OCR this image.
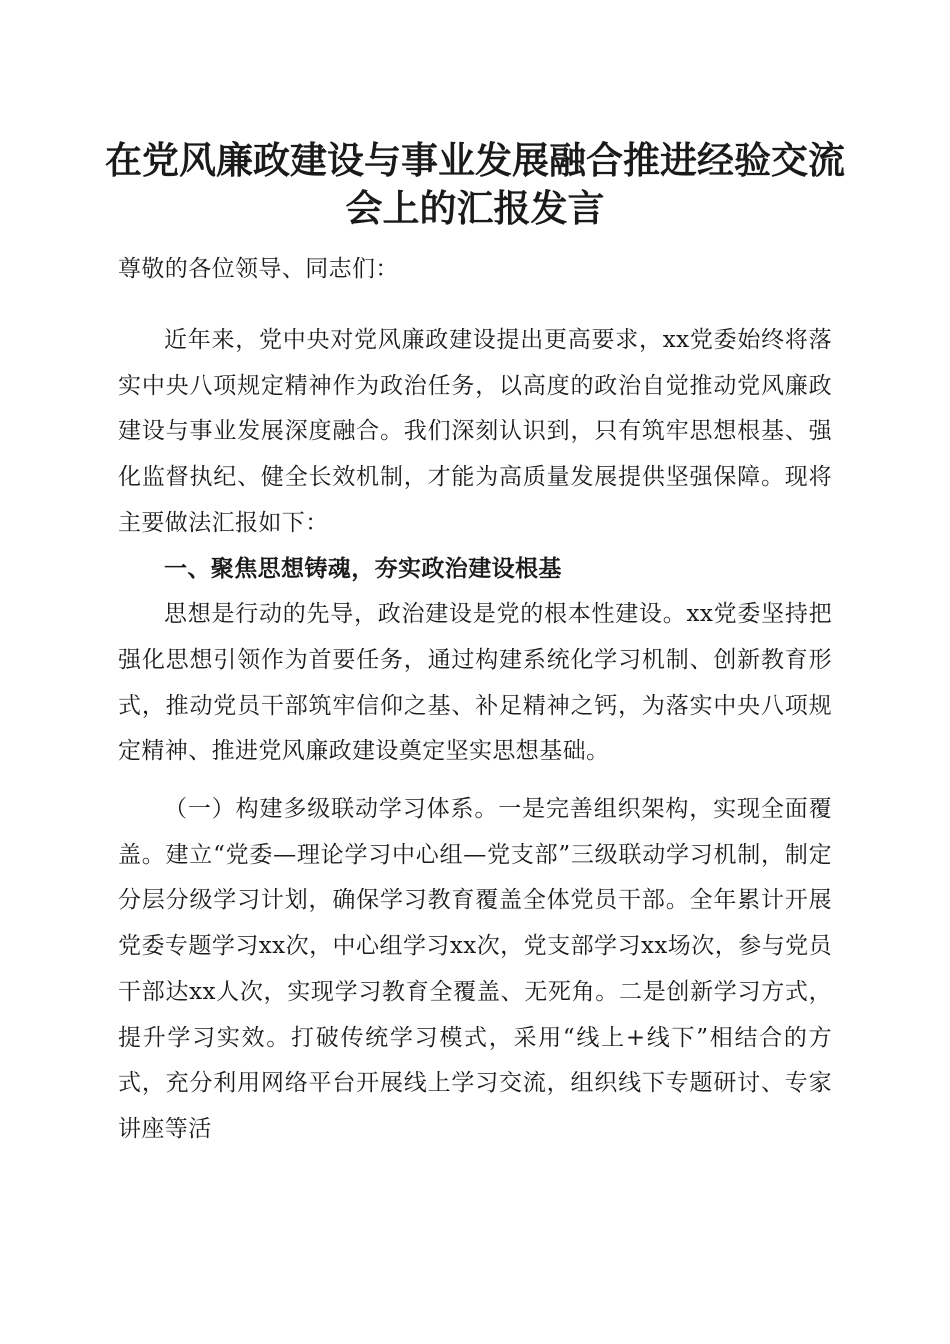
在党风廉政建设与事业发展融合推进经验交流
会上的汇报发言
尊敬的各位领导、同志们：

近年来，党中央对党风廉政建设提出更高要求，xx党委始终将落实中央八项规定精神作为政治任务，以高度的政治自觉推动党风廉政建设与事业发展深度融合。我们深刻认识到，只有筑牢思想根基、强化监督执纪、健全长效机制，才能为高质量发展提供坚强保障。现将主要做法汇报如下：

一、聚焦思想铸魂，夯实政治建设根基

思想是行动的先导，政治建设是党的根本性建设。xx党委坚持把强化思想引领作为首要任务，通过构建系统化学习机制、创新教育形式，推动党员干部筑牢信仰之基、补足精神之钙，为落实中央八项规定精神、推进党风廉政建设奠定坚实思想基础。

（一）构建多级联动学习体系。一是完善组织架构，实现全面覆盖。建立“党委—理论学习中心组—党支部”三级联动学习机制，制定分层分级学习计划，确保学习教育覆盖全体党员干部。全年累计开展党委专题学习xx次，中心组学习xx次，党支部学习xx场次，参与党员干部达xx人次，实现学习教育全覆盖、无死角。二是创新学习方式，提升学习实效。打破传统学习模式，采用“线上+线下”相结合的方式，充分利用网络平台开展线上学习交流，组织线下专题研讨、专家讲座等活
